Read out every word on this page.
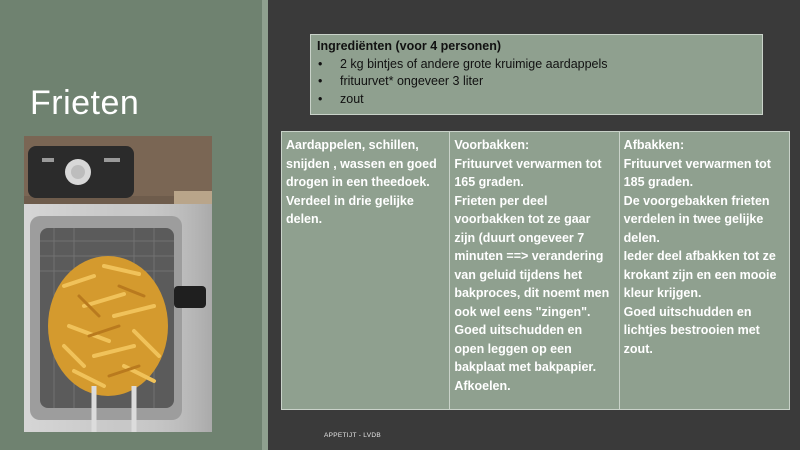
Frieten
Ingrediënten (voor 4 personen)
• 2 kg bintjes of andere grote kruimige aardappels
• frituurvet* ongeveer 3 liter
• zout

Aardappelen, schillen, snijden , wassen en goed drogen in een theedoek.

Verdeel in drie gelijke delen.

Voorbakken:

Frituurvet verwarmen tot 165 graden.

Frieten per deel voorbakken tot ze gaar zijn (duurt ongeveer 7 minuten ==> verandering van geluid tijdens het bakproces, dit noemt men ook wel eens "zingen".

Goed uitschudden en open leggen op een bakplaat met bakpapier.

Afkoelen.

Afbakken:

Frituurvet verwarmen tot 185 graden.

De voorgebakken frieten verdelen in twee gelijke delen.

Ieder deel afbakken tot ze krokant zijn en een mooie kleur krijgen.

Goed uitschudden en lichtjes bestrooien met zout.

APPETIJT - LVDB
